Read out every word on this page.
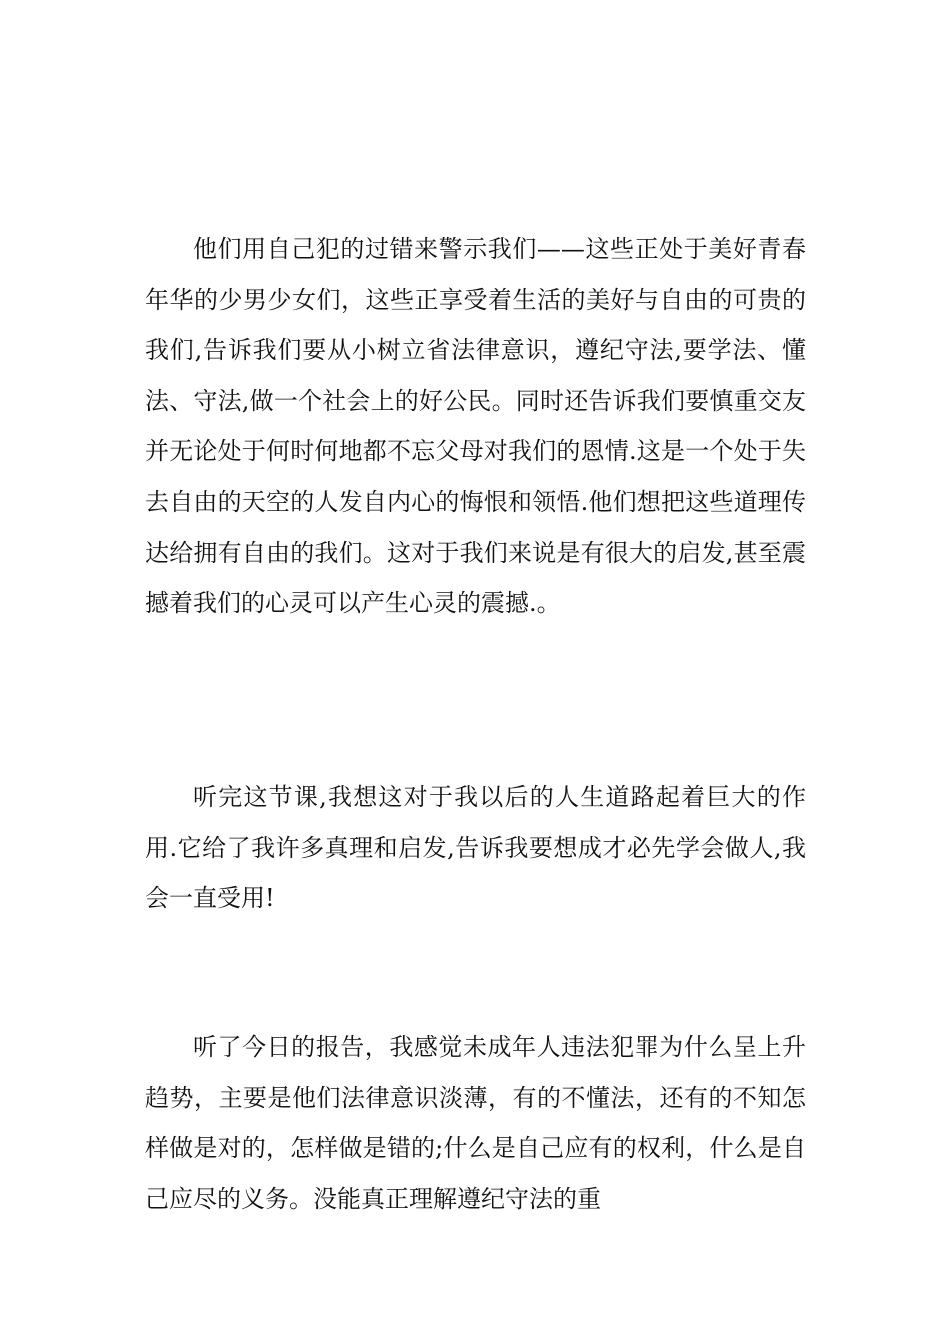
他们用自己犯的过错来警示我们——这些正处于美好青春年华的少男少女们，这些正享受着生活的美好与自由的可贵的我们,告诉我们要从小树立省法律意识，遵纪守法,要学法、懂法、守法,做一个社会上的好公民。同时还告诉我们要慎重交友并无论处于何时何地都不忘父母对我们的恩情.这是一个处于失去自由的天空的人发自内心的悔恨和领悟.他们想把这些道理传达给拥有自由的我们。这对于我们来说是有很大的启发,甚至震撼着我们的心灵可以产生心灵的震撼.。

听完这节课,我想这对于我以后的人生道路起着巨大的作用.它给了我许多真理和启发,告诉我要想成才必先学会做人,我会一直受用!

听了今日的报告，我感觉未成年人违法犯罪为什么呈上升趋势，主要是他们法律意识淡薄，有的不懂法，还有的不知怎样做是对的，怎样做是错的;什么是自己应有的权利，什么是自己应尽的义务。没能真正理解遵纪守法的重
